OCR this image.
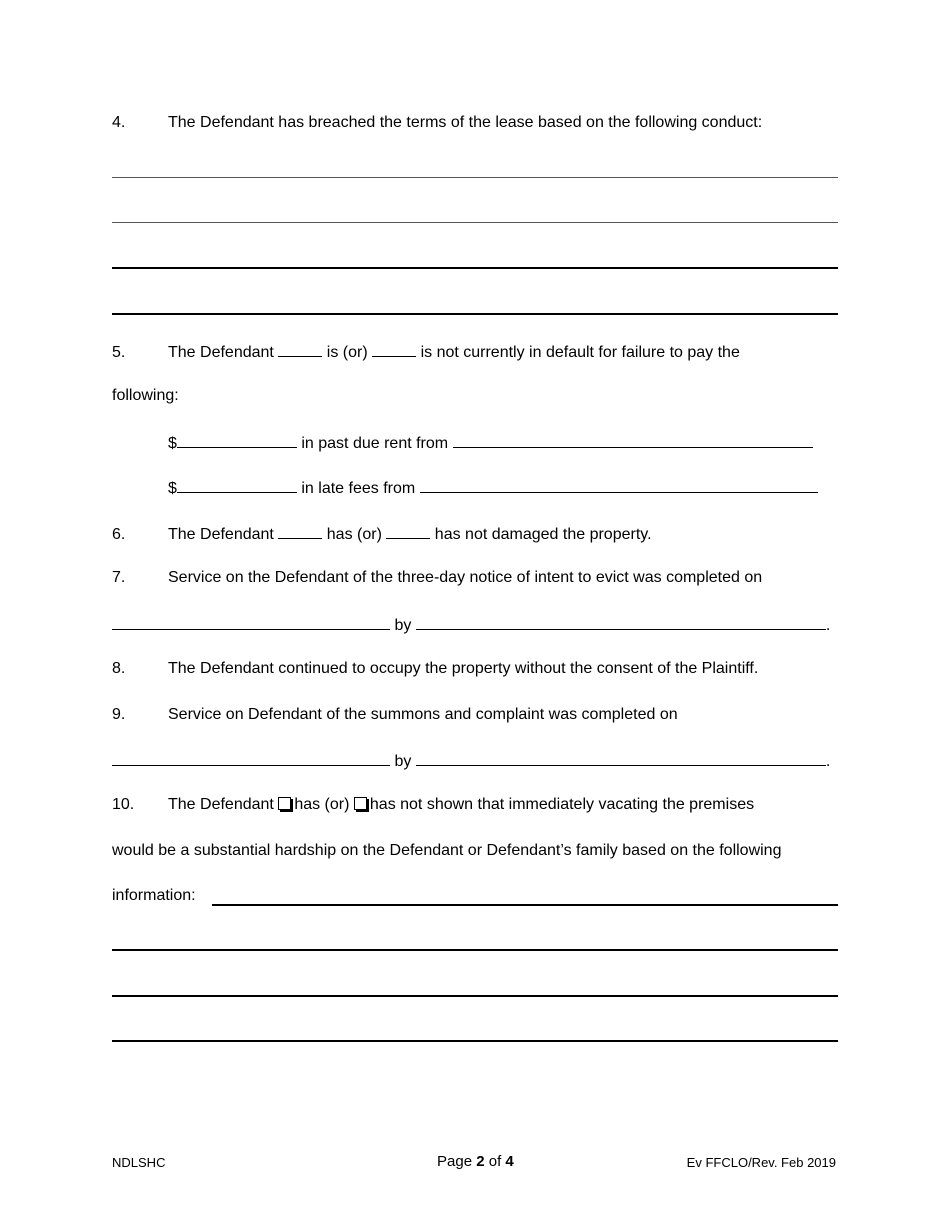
4.	The Defendant has breached the terms of the lease based on the following conduct:
5.	The Defendant	is (or)	is not currently in default for failure to pay the
following:
$	in past due rent from
$	in late fees from
6.	The Defendant	has (or)	has not damaged the property.
7.	Service on the Defendant of the three-day notice of intent to evict was completed on
by	.
8.	The Defendant continued to occupy the property without the consent of the Plaintiff.
9.	Service on Defendant of the summons and complaint was completed on
by	.
10. The Defendant has (or) has not shown that immediately vacating the premises
would be a substantial hardship on the Defendant or Defendant’s family based on the following
information:
NDLSHC	Page 2 of 4	Ev FFCLO/Rev. Feb 2019
